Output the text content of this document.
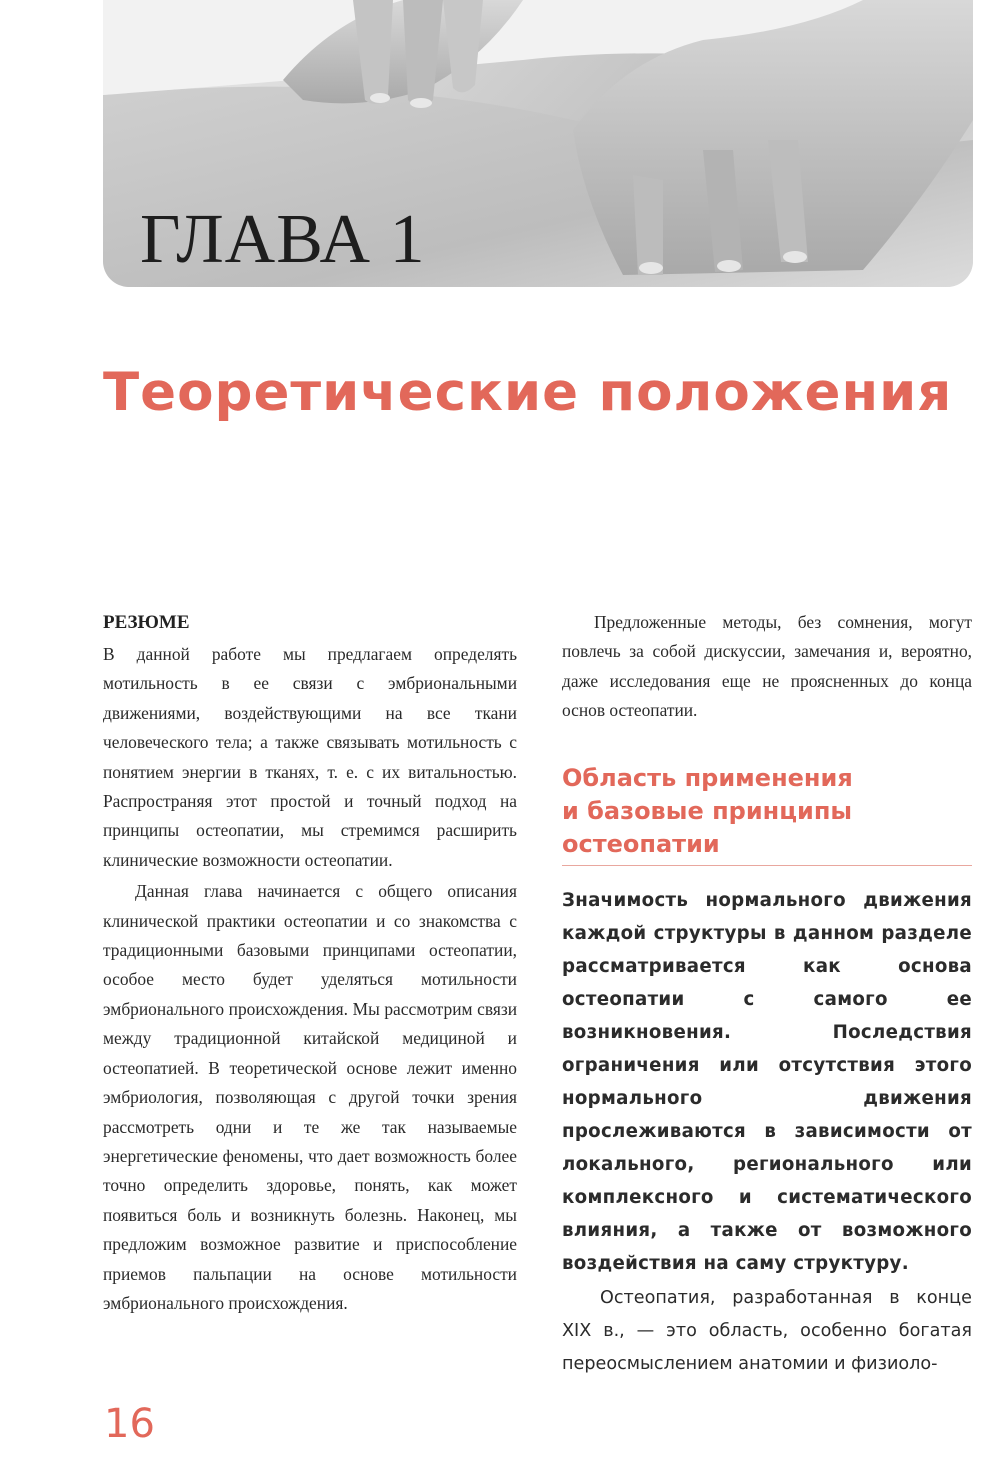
ГЛАВА 1
Теоретические положения
РЕЗЮМЕ

В данной работе мы предлагаем определять мотильность в ее связи с эмбриональными движениями, воздействующими на все ткани человеческого тела; а также связывать мотильность с понятием энергии в тканях, т. е. с их витальностью. Распространяя этот простой и точный подход на принципы остеопатии, мы стремимся расширить клинические возможности остеопатии.

Данная глава начинается с общего описания клинической практики остеопатии и со знакомства с традиционными базовыми принципами остеопатии, особое место будет уделяться мотильности эмбрионального происхождения. Мы рассмотрим связи между традиционной китайской медициной и остеопатией. В теоретической основе лежит именно эмбриология, позволяющая с другой точки зрения рассмотреть одни и те же так называемые энергетические феномены, что дает возможность более точно определить здоровье, понять, как может появиться боль и возникнуть болезнь. Наконец, мы предложим возможное развитие и приспособление приемов пальпации на основе мотильности эмбрионального происхождения.

Предложенные методы, без сомнения, могут повлечь за собой дискуссии, замечания и, вероятно, даже исследования еще не проясненных до конца основ остеопатии.

Область применения
и базовые принципы
остеопатии

Значимость нормального движения каждой структуры в данном разделе рассматривается как основа остеопатии с самого ее возникновения. Последствия ограничения или отсутствия этого нормального движения прослеживаются в зависимости от локального, регионального или комплексного и систематического влияния, а также от возможного воздействия на саму структуру.

Остеопатия, разработанная в конце XIX в., — это область, особенно богатая переосмыслением анатомии и физиоло-

16
